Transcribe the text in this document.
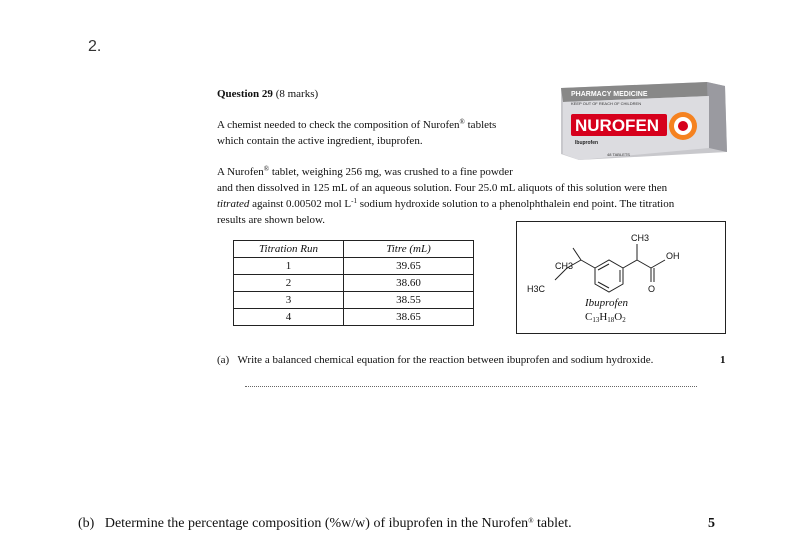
2.
Question 29 (8 marks)
A chemist needed to check the composition of Nurofen® tablets
which contain the active ingredient, ibuprofen.
PHARMACY MEDICINE
KEEP OUT OF REACH OF CHILDREN
NUROFEN
Ibuprofen
48 TABLETS
A Nurofen® tablet, weighing 256 mg, was crushed to a fine powder
and then dissolved in 125 mL of an aqueous solution. Four 25.0 mL aliquots of this solution were then
titrated against 0.00502 mol $L^{-1}$ sodium hydroxide solution to a phenolphthalein end point. The titration
results are shown below.
Titration Run	Titre (mL)
1	39.65
2	38.60
3	38.55
4	38.65
CH3
OH
O
CH3
H3C
Ibuprofen
C13H18O2
(a) Write a balanced chemical equation for the reaction between ibuprofen and sodium hydroxide.	1
(b) Determine the percentage composition (%w/w) of ibuprofen in the Nurofen® tablet.	5
